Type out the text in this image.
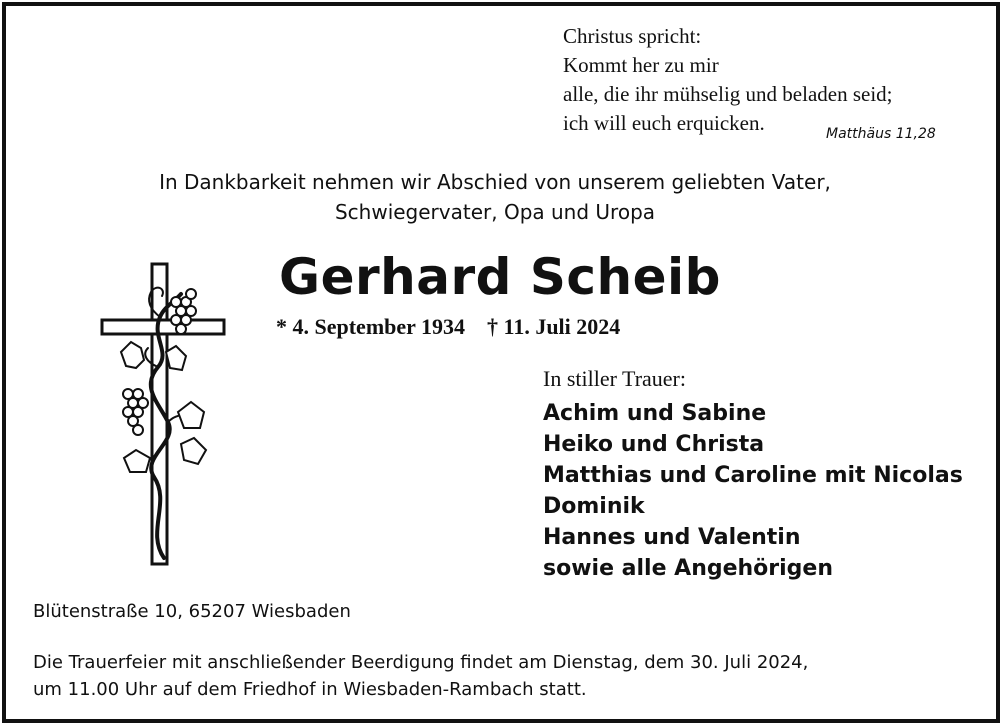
Christus spricht:
Kommt her zu mir
alle, die ihr mühselig und beladen seid;
ich will euch erquicken.	Matthäus 11,28
In Dankbarkeit nehmen wir Abschied von unserem geliebten Vater,
Schwiegervater, Opa und Uropa
Gerhard Scheib
* 4. September 1934 † 11. Juli 2024
In stiller Trauer:
Achim und Sabine
Heiko und Christa
Matthias und Caroline mit Nicolas
Dominik
Hannes und Valentin
sowie alle Angehörigen
Blütenstraße 10, 65207 Wiesbaden
Die Trauerfeier mit anschließender Beerdigung findet am Dienstag, dem 30. Juli 2024,
um 11.00 Uhr auf dem Friedhof in Wiesbaden-Rambach statt.
